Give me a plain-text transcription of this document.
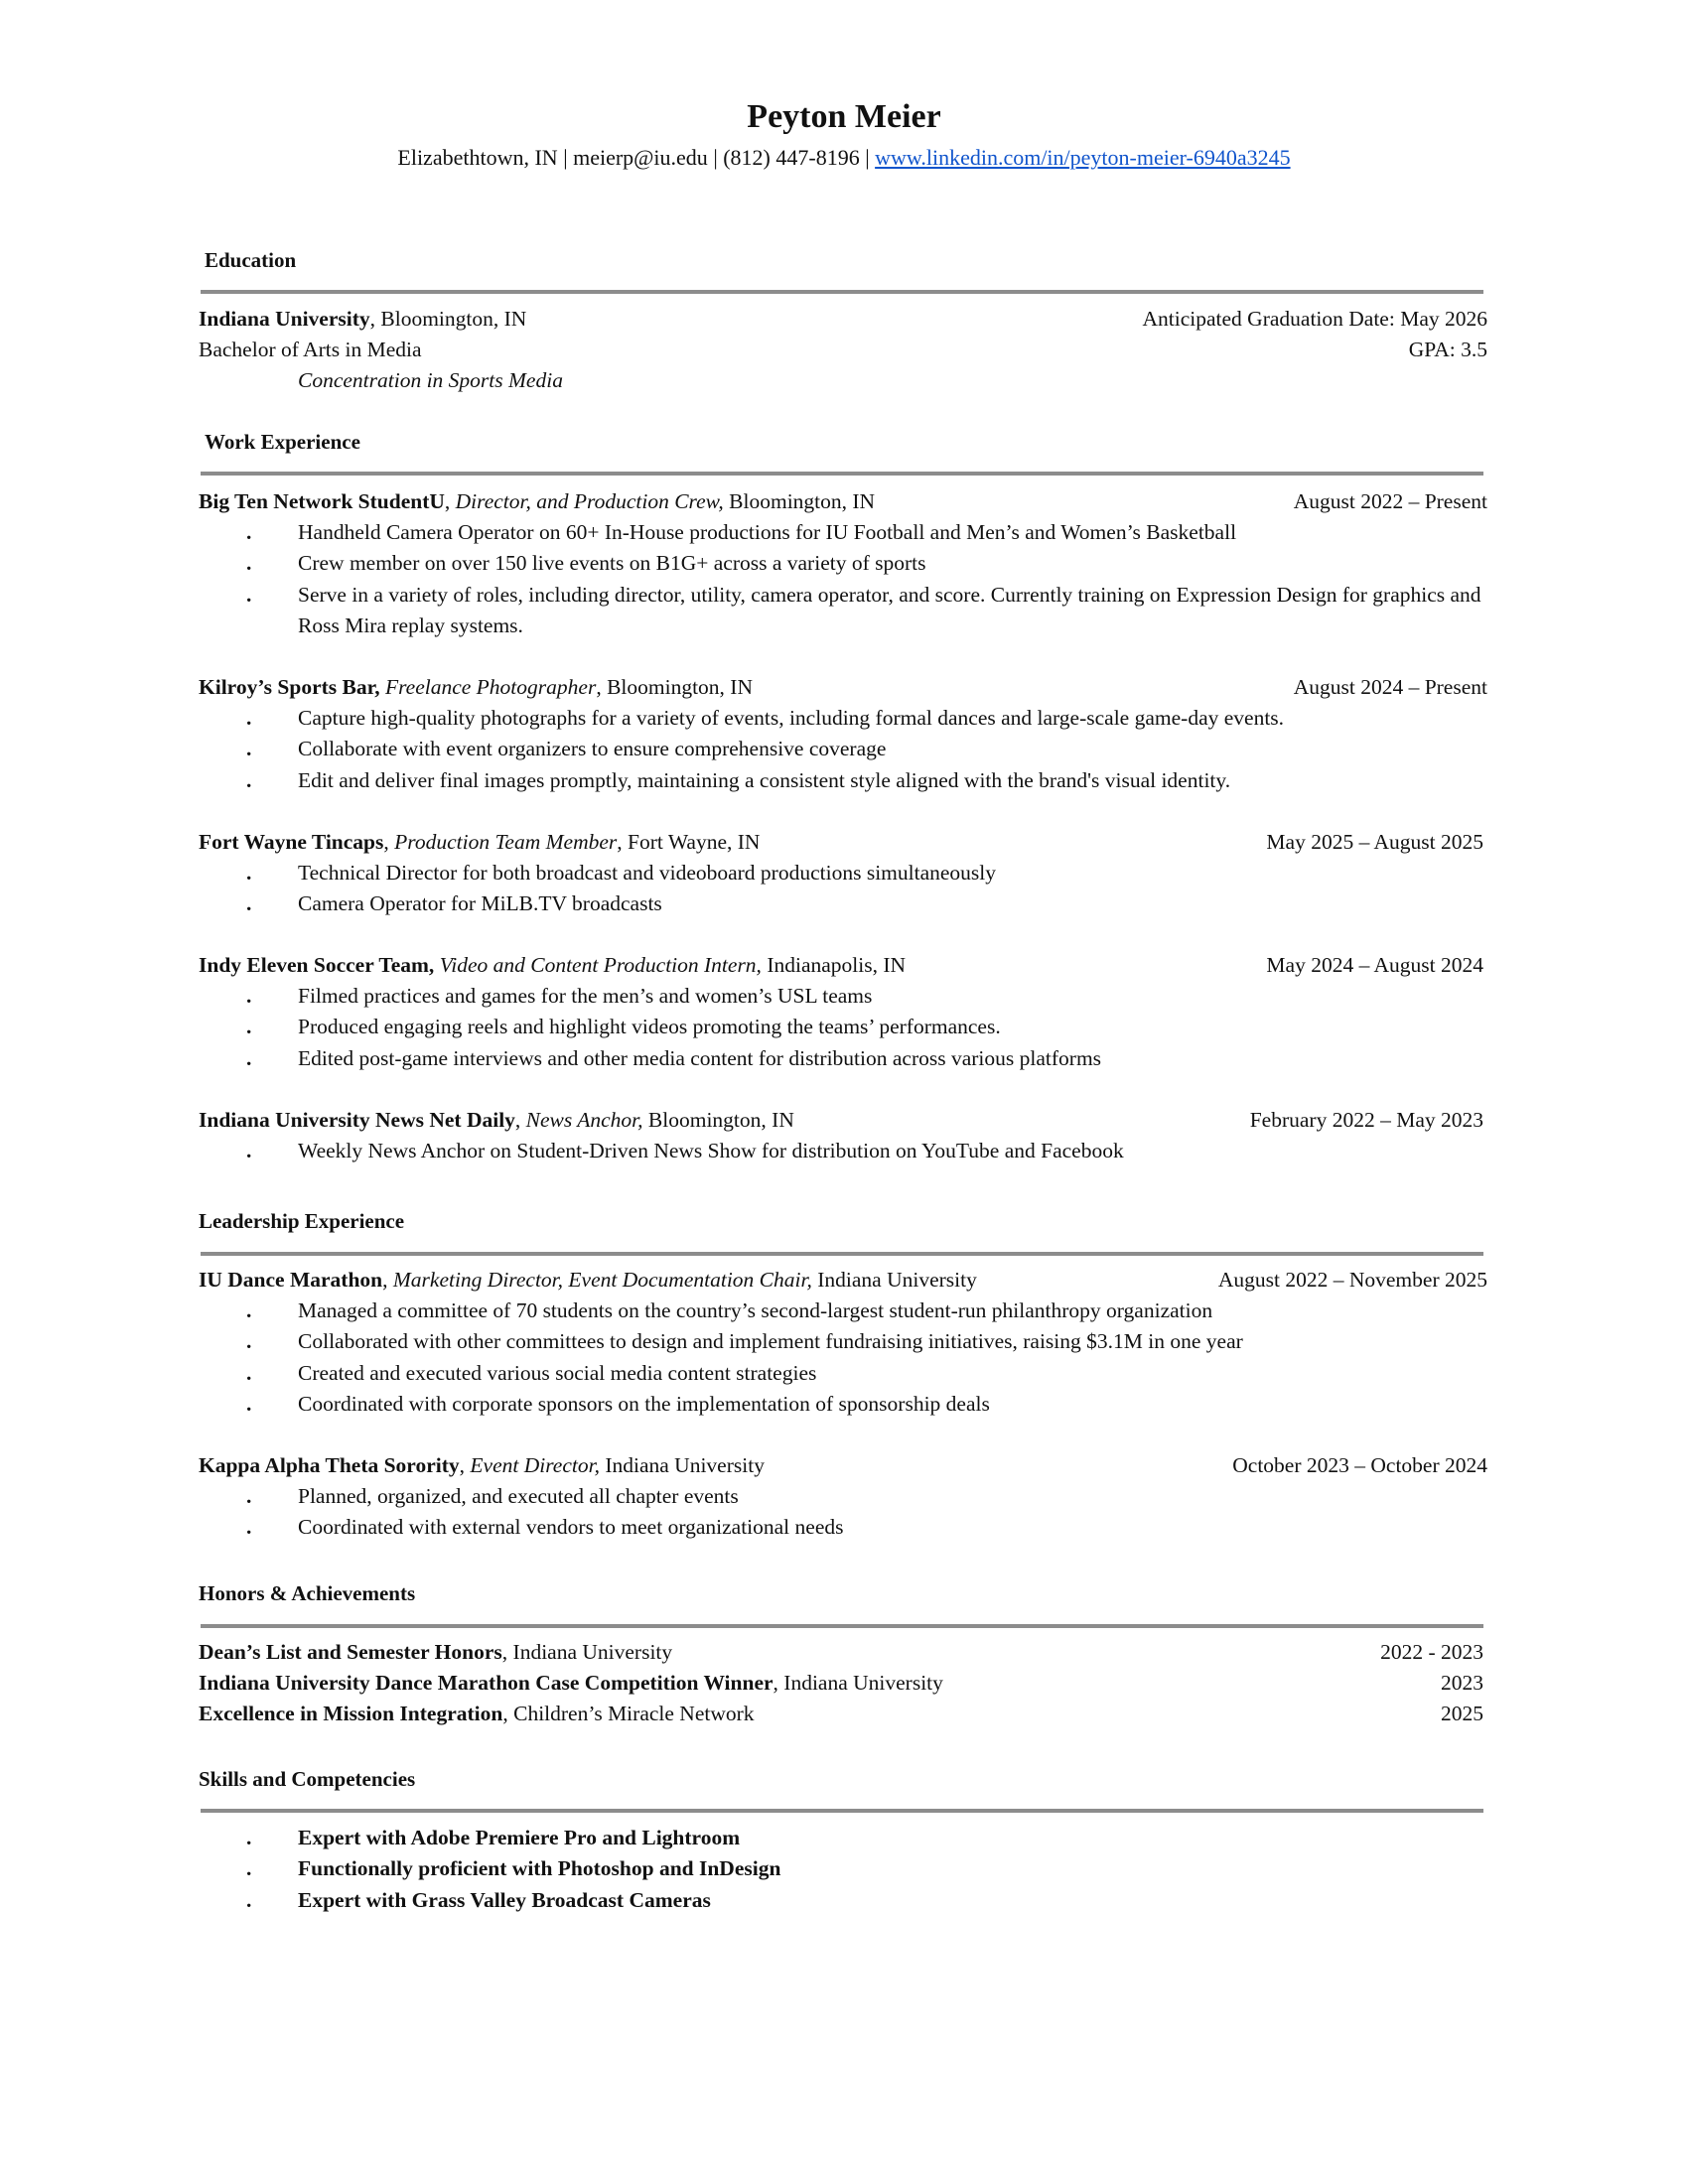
Peyton Meier
Elizabethtown, IN | meierp@iu.edu | (812) 447-8196 | www.linkedin.com/in/peyton-meier-6940a3245
Education
Indiana University, Bloomington, IN	Anticipated Graduation Date: May 2026
Bachelor of Arts in Media	GPA: 3.5
Concentration in Sports Media
Work Experience
Big Ten Network StudentU, Director, and Production Crew, Bloomington, IN	August 2022 – Present
. Handheld Camera Operator on 60+ In-House productions for IU Football and Men’s and Women’s Basketball
. Crew member on over 150 live events on B1G+ across a variety of sports
. Serve in a variety of roles, including director, utility, camera operator, and score. Currently training on Expression Design for graphics and Ross Mira replay systems.
Kilroy’s Sports Bar, Freelance Photographer, Bloomington, IN	August 2024 – Present
. Capture high-quality photographs for a variety of events, including formal dances and large-scale game-day events.
. Collaborate with event organizers to ensure comprehensive coverage
. Edit and deliver final images promptly, maintaining a consistent style aligned with the brand's visual identity.
Fort Wayne Tincaps, Production Team Member, Fort Wayne, IN	May 2025 – August 2025
. Technical Director for both broadcast and videoboard productions simultaneously
. Camera Operator for MiLB.TV broadcasts
Indy Eleven Soccer Team, Video and Content Production Intern, Indianapolis, IN	May 2024 – August 2024
. Filmed practices and games for the men’s and women’s USL teams
. Produced engaging reels and highlight videos promoting the teams’ performances.
. Edited post-game interviews and other media content for distribution across various platforms
Indiana University News Net Daily, News Anchor, Bloomington, IN	February 2022 – May 2023
. Weekly News Anchor on Student-Driven News Show for distribution on YouTube and Facebook
Leadership Experience
IU Dance Marathon, Marketing Director, Event Documentation Chair, Indiana University	August 2022 – November 2025
. Managed a committee of 70 students on the country’s second-largest student-run philanthropy organization
. Collaborated with other committees to design and implement fundraising initiatives, raising $3.1M in one year
. Created and executed various social media content strategies
. Coordinated with corporate sponsors on the implementation of sponsorship deals
Kappa Alpha Theta Sorority, Event Director, Indiana University	October 2023 – October 2024
. Planned, organized, and executed all chapter events
. Coordinated with external vendors to meet organizational needs
Honors & Achievements
Dean’s List and Semester Honors, Indiana University	2022 - 2023
Indiana University Dance Marathon Case Competition Winner, Indiana University	2023
Excellence in Mission Integration, Children’s Miracle Network	2025
Skills and Competencies
. Expert with Adobe Premiere Pro and Lightroom
. Functionally proficient with Photoshop and InDesign
. Expert with Grass Valley Broadcast Cameras
